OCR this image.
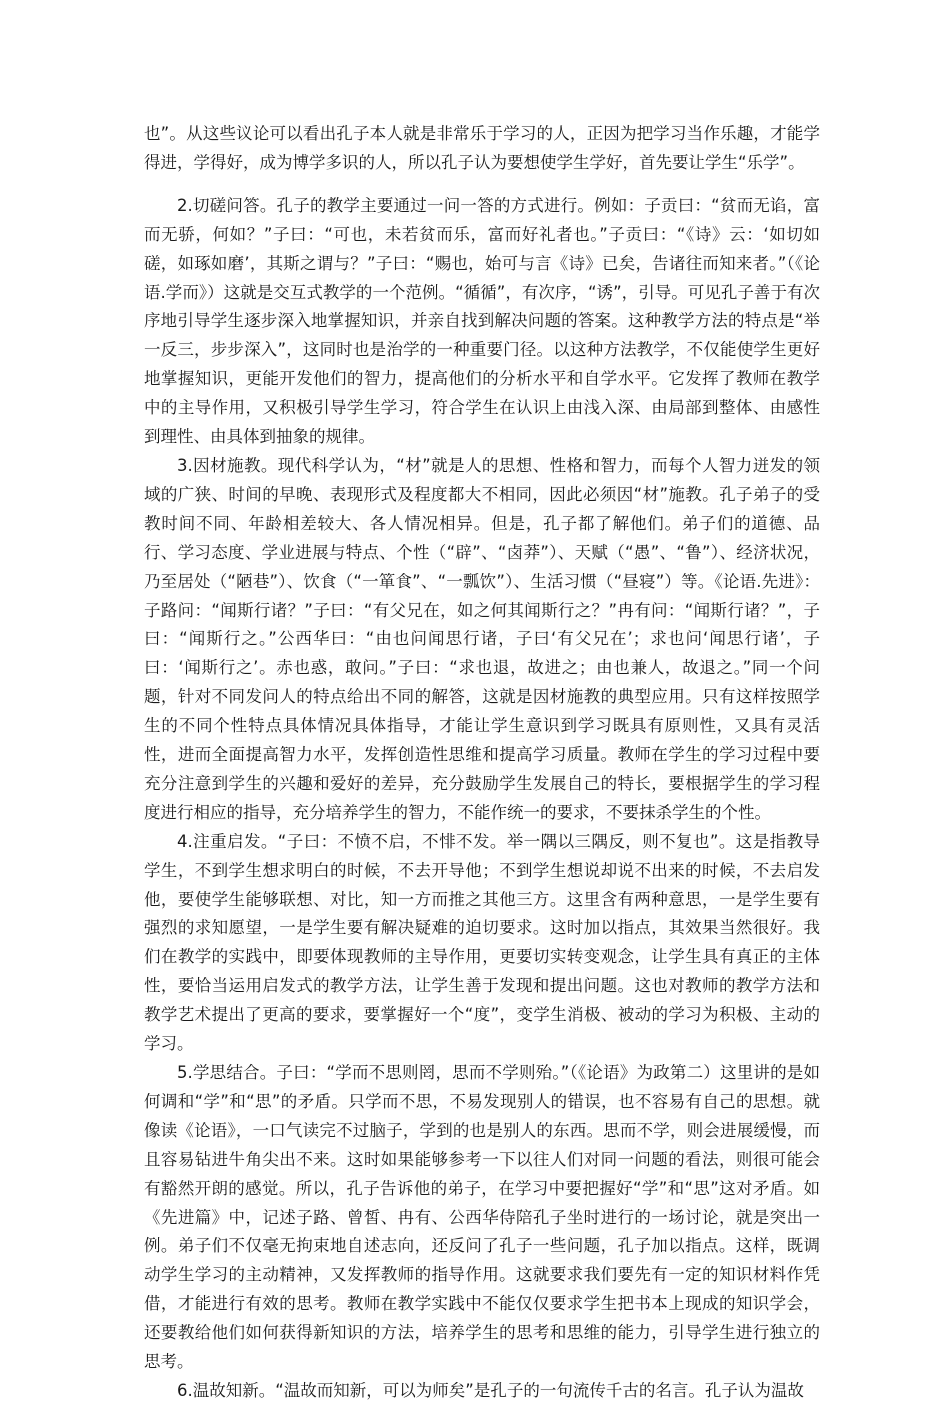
也”。从这些议论可以看出孔子本人就是非常乐于学习的人，正因为把学习当作乐趣，才能学得进，学得好，成为博学多识的人，所以孔子认为要想使学生学好，首先要让学生“乐学”。

2.切磋问答。孔子的教学主要通过一问一答的方式进行。例如：子贡曰：“贫而无谄，富而无骄，何如？”子曰：“可也，未若贫而乐，富而好礼者也。”子贡曰：“《诗》云：‘如切如磋，如琢如磨’，其斯之谓与？”子曰：“赐也，始可与言《诗》已矣，告诸往而知来者。”（《论语.学而》）这就是交互式教学的一个范例。“循循”，有次序，“诱”，引导。可见孔子善于有次序地引导学生逐步深入地掌握知识，并亲自找到解决问题的答案。这种教学方法的特点是“举一反三，步步深入”，这同时也是治学的一种重要门径。以这种方法教学，不仅能使学生更好地掌握知识，更能开发他们的智力，提高他们的分析水平和自学水平。它发挥了教师在教学中的主导作用，又积极引导学生学习，符合学生在认识上由浅入深、由局部到整体、由感性到理性、由具体到抽象的规律。

3.因材施教。现代科学认为，“材”就是人的思想、性格和智力，而每个人智力迸发的领域的广狭、时间的早晚、表现形式及程度都大不相同，因此必须因“材”施教。孔子弟子的受教时间不同、年龄相差较大、各人情况相异。但是，孔子都了解他们。弟子们的道德、品行、学习态度、学业进展与特点、个性（“辟”、“卤莽”）、天赋（“愚”、“鲁”）、经济状况，乃至居处（“陋巷”）、饮食（“一箪食”、“一瓢饮”）、生活习惯（“昼寝”）等。《论语.先进》：子路问：“闻斯行诸？”子曰：“有父兄在，如之何其闻斯行之？”冉有问：“闻斯行诸？”，子曰：“闻斯行之。”公西华曰：“由也问闻思行诸，子曰‘有父兄在’；求也问‘闻思行诸’，子曰：‘闻斯行之’。赤也惑，敢问。”子曰：“求也退，故进之；由也兼人，故退之。”同一个问题，针对不同发问人的特点给出不同的解答，这就是因材施教的典型应用。只有这样按照学生的不同个性特点具体情况具体指导，才能让学生意识到学习既具有原则性，又具有灵活性，进而全面提高智力水平，发挥创造性思维和提高学习质量。教师在学生的学习过程中要充分注意到学生的兴趣和爱好的差异，充分鼓励学生发展自己的特长，要根据学生的学习程度进行相应的指导，充分培养学生的智力，不能作统一的要求，不要抹杀学生的个性。

4.注重启发。“子曰：不愤不启，不悱不发。举一隅以三隅反，则不复也”。这是指教导学生，不到学生想求明白的时候，不去开导他；不到学生想说却说不出来的时候，不去启发他，要使学生能够联想、对比，知一方而推之其他三方。这里含有两种意思，一是学生要有强烈的求知愿望，一是学生要有解决疑难的迫切要求。这时加以指点，其效果当然很好。我们在教学的实践中，即要体现教师的主导作用，更要切实转变观念，让学生具有真正的主体性，要恰当运用启发式的教学方法，让学生善于发现和提出问题。这也对教师的教学方法和教学艺术提出了更高的要求，要掌握好一个“度”，变学生消极、被动的学习为积极、主动的学习。

5.学思结合。子曰：“学而不思则罔，思而不学则殆。”（《论语》为政第二）这里讲的是如何调和“学”和“思”的矛盾。只学而不思，不易发现别人的错误，也不容易有自己的思想。就像读《论语》，一口气读完不过脑子，学到的也是别人的东西。思而不学，则会进展缓慢，而且容易钻进牛角尖出不来。这时如果能够参考一下以往人们对同一问题的看法，则很可能会有豁然开朗的感觉。所以，孔子告诉他的弟子，在学习中要把握好“学”和“思”这对矛盾。如《先进篇》中，记述子路、曾皙、冉有、公西华侍陪孔子坐时进行的一场讨论，就是突出一例。弟子们不仅毫无拘束地自述志向，还反问了孔子一些问题，孔子加以指点。这样，既调动学生学习的主动精神，又发挥教师的指导作用。这就要求我们要先有一定的知识材料作凭借，才能进行有效的思考。教师在教学实践中不能仅仅要求学生把书本上现成的知识学会，还要教给他们如何获得新知识的方法，培养学生的思考和思维的能力，引导学生进行独立的思考。

6.温故知新。“温故而知新，可以为师矣”是孔子的一句流传千古的名言。孔子认为温故
